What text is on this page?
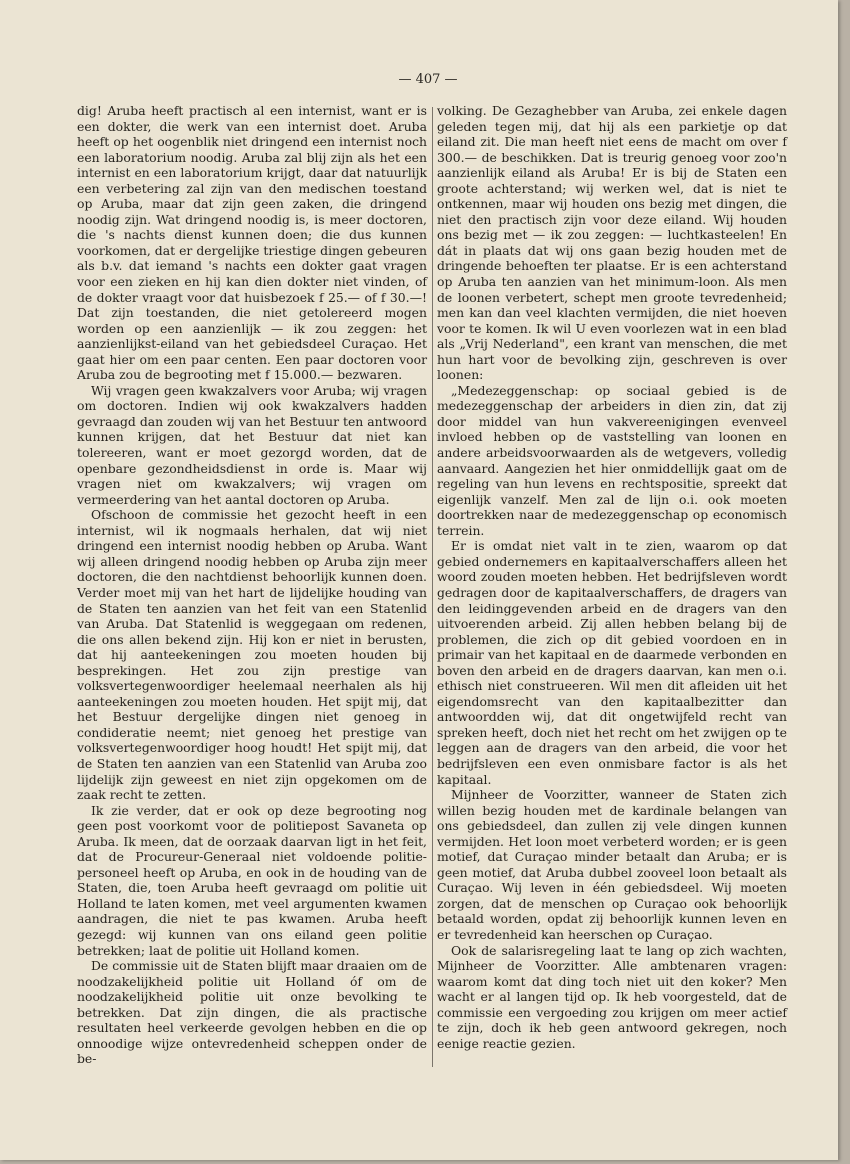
— 407 —

dig! Aruba heeft practisch al een internist, want er is een dokter, die werk van een internist doet. Aruba heeft op het oogenblik niet dringend een internist noch een laboratorium noodig. Aruba zal blij zijn als het een internist en een laboratorium krijgt, daar dat natuurlijk een verbetering zal zijn van den medischen toestand op Aruba, maar dat zijn geen zaken, die dringend noodig zijn. Wat dringend noodig is, is meer doctoren, die 's nachts dienst kunnen doen; die dus kunnen voorkomen, dat er dergelijke triestige dingen gebeuren als b.v. dat iemand 's nachts een dokter gaat vragen voor een zieken en hij kan dien dokter niet vinden, of de dokter vraagt voor dat huisbezoek f 25.— of f 30.—! Dat zijn toestanden, die niet getolereerd mogen worden op een aanzienlijk — ik zou zeggen: het aanzienlijkst-eiland van het gebiedsdeel Curaçao. Het gaat hier om een paar centen. Een paar doctoren voor Aruba zou de begrooting met f 15.000.— bezwaren.

Wij vragen geen kwakzalvers voor Aruba; wij vragen om doctoren. Indien wij ook kwakzalvers hadden gevraagd dan zouden wij van het Bestuur ten antwoord kunnen krijgen, dat het Bestuur dat niet kan tolereeren, want er moet gezorgd worden, dat de openbare gezondheidsdienst in orde is. Maar wij vragen niet om kwakzalvers; wij vragen om vermeerdering van het aantal doctoren op Aruba.

Ofschoon de commissie het gezocht heeft in een internist, wil ik nogmaals herhalen, dat wij niet dringend een internist noodig hebben op Aruba. Want wij alleen dringend noodig hebben op Aruba zijn meer doctoren, die den nachtdienst behoorlijk kunnen doen. Verder moet mij van het hart de lijdelijke houding van de Staten ten aanzien van het feit van een Statenlid van Aruba. Dat Statenlid is weggegaan om redenen, die ons allen bekend zijn. Hij kon er niet in berusten, dat hij aanteekeningen zou moeten houden bij besprekingen. Het zou zijn prestige van volksvertegenwoordiger heelemaal neerhalen als hij aanteekeningen zou moeten houden. Het spijt mij, dat het Bestuur dergelijke dingen niet genoeg in condideratie neemt; niet genoeg het prestige van volksvertegenwoordiger hoog houdt! Het spijt mij, dat de Staten ten aanzien van een Statenlid van Aruba zoo lijdelijk zijn geweest en niet zijn opgekomen om de zaak recht te zetten.

Ik zie verder, dat er ook op deze begrooting nog geen post voorkomt voor de politiepost Savaneta op Aruba. Ik meen, dat de oorzaak daarvan ligt in het feit, dat de Procureur-Generaal niet voldoende politie-personeel heeft op Aruba, en ook in de houding van de Staten, die, toen Aruba heeft gevraagd om politie uit Holland te laten komen, met veel argumenten kwamen aandragen, die niet te pas kwamen. Aruba heeft gezegd: wij kunnen van ons eiland geen politie betrekken; laat de politie uit Holland komen.

De commissie uit de Staten blijft maar draaien om de noodzakelijkheid politie uit Holland óf om de noodzakelijkheid politie uit onze bevolking te betrekken. Dat zijn dingen, die als practische resultaten heel verkeerde gevolgen hebben en die op onnoodige wijze ontevredenheid scheppen onder de be-

volking. De Gezaghebber van Aruba, zei enkele dagen geleden tegen mij, dat hij als een parkietje op dat eiland zit. Die man heeft niet eens de macht om over f 300.— de beschikken. Dat is treurig genoeg voor zoo'n aanzienlijk eiland als Aruba! Er is bij de Staten een groote achterstand; wij werken wel, dat is niet te ontkennen, maar wij houden ons bezig met dingen, die niet den practisch zijn voor deze eiland. Wij houden ons bezig met — ik zou zeggen: — luchtkasteelen! En dát in plaats dat wij ons gaan bezig houden met de dringende behoeften ter plaatse. Er is een achterstand op Aruba ten aanzien van het minimum-loon. Als men de loonen verbetert, schept men groote tevredenheid; men kan dan veel klachten vermijden, die niet hoeven voor te komen. Ik wil U even voorlezen wat in een blad als „Vrij Nederland", een krant van menschen, die met hun hart voor de bevolking zijn, geschreven is over loonen:

„Medezeggenschap: op sociaal gebied is de medezeggenschap der arbeiders in dien zin, dat zij door middel van hun vakvereenigingen evenveel invloed hebben op de vaststelling van loonen en andere arbeidsvoorwaarden als de wetgevers, volledig aanvaard. Aangezien het hier onmiddellijk gaat om de regeling van hun levens en rechtspositie, spreekt dat eigenlijk vanzelf. Men zal de lijn o.i. ook moeten doortrekken naar de medezeggenschap op economisch terrein.

Er is omdat niet valt in te zien, waarom op dat gebied ondernemers en kapitaalverschaffers alleen het woord zouden moeten hebben. Het bedrijfsleven wordt gedragen door de kapitaalverschaffers, de dragers van den leidinggevenden arbeid en de dragers van den uitvoerenden arbeid. Zij allen hebben belang bij de problemen, die zich op dit gebied voordoen en in primair van het kapitaal en de daarmede verbonden en boven den arbeid en de dragers daarvan, kan men o.i. ethisch niet construeeren. Wil men dit afleiden uit het eigendomsrecht van den kapitaalbezitter dan antwoordden wij, dat dit ongetwijfeld recht van spreken heeft, doch niet het recht om het zwijgen op te leggen aan de dragers van den arbeid, die voor het bedrijfsleven een even onmisbare factor is als het kapitaal.

Mijnheer de Voorzitter, wanneer de Staten zich willen bezig houden met de kardinale belangen van ons gebiedsdeel, dan zullen zij vele dingen kunnen vermijden. Het loon moet verbeterd worden; er is geen motief, dat Curaçao minder betaalt dan Aruba; er is geen motief, dat Aruba dubbel zooveel loon betaalt als Curaçao. Wij leven in één gebiedsdeel. Wij moeten zorgen, dat de menschen op Curaçao ook behoorlijk betaald worden, opdat zij behoorlijk kunnen leven en er tevredenheid kan heerschen op Curaçao.

Ook de salarisregeling laat te lang op zich wachten, Mijnheer de Voorzitter. Alle ambtenaren vragen: waarom komt dat ding toch niet uit den koker? Men wacht er al langen tijd op. Ik heb voorgesteld, dat de commissie een vergoeding zou krijgen om meer actief te zijn, doch ik heb geen antwoord gekregen, noch eenige reactie gezien.
